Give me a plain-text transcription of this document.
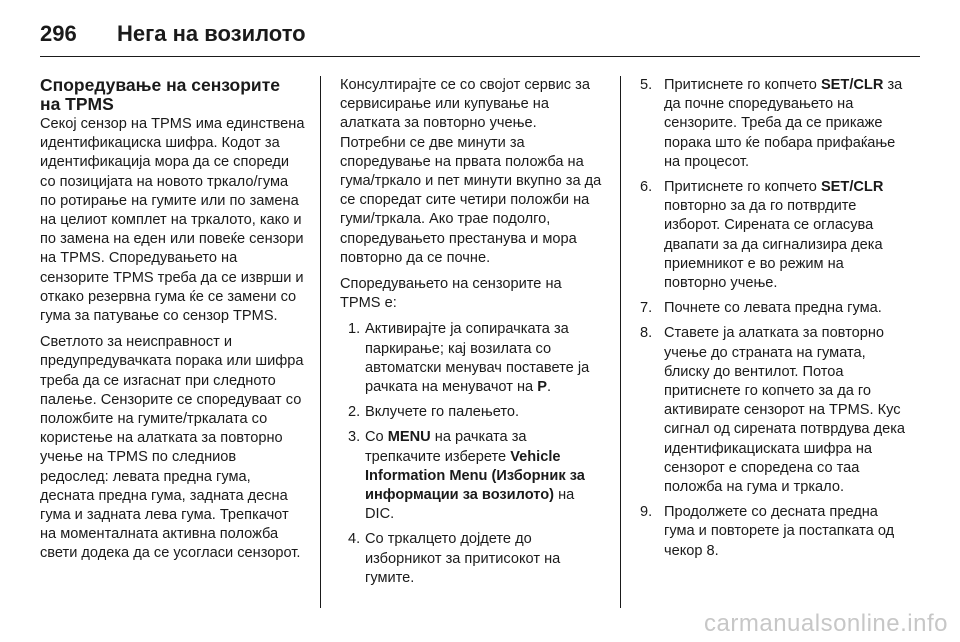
296	Нега на возилото
Споредување на сензорите на TPMS

Секој сензор на TPMS има единствена идентификациска шифра. Кодот за идентификација мора да се спореди со позицијата на новото тркало/гума по ротирање на гумите или по замена на целиот комплет на тркалото, како и по замена на еден или повеќе сензори на TPMS. Споредувањето на сензорите TPMS треба да се изврши и откако резервна гума ќе се замени со гума за патување со сензор TPMS.

Светлото за неисправност и предупредувачката порака или шифра треба да се изгаснат при следното палење. Сензорите се споредуваат со положбите на гумите/тркалата со користење на алатката за повторно учење на TPMS по следниов редослед: левата предна гума, десната предна гума, задната десна гума и задната лева гума. Трепкачот на моменталната активна положба свети додека да се усогласи сензорот.

Консултирајте се со својот сервис за сервисирање или купување на алатката за повторно учење. Потребни се две минути за споредување на првата положба на гума/тркало и пет минути вкупно за да се споредат сите четири положби на гуми/тркала. Ако трае подолго, споредувањето престанува и мора повторно да се почне.

Споредувањето на сензорите на TPMS е:

1. Активирајте ја сопирачката за паркирање; кај возилата со автоматски менувач поставете ја рачката на менувачот на P.
2. Вклучете го палењето.
3. Со MENU на рачката за трепкачите изберете Vehicle Information Menu (Изборник за информации за возилото) на DIC.
4. Со тркалцето дојдете до изборникот за притисокот на гумите.
5. Притиснете го копчето SET/CLR за да почне споредувањето на сензорите. Треба да се прикаже порака што ќе побара прифаќање на процесот.
6. Притиснете го копчето SET/CLR повторно за да го потврдите изборот. Сирената се огласува двапати за да сигнализира дека приемникот е во режим на повторно учење.
7. Почнете со левата предна гума.
8. Ставете ја алатката за повторно учење до страната на гумата, блиску до вентилот. Потоа притиснете го копчето за да го активирате сензорот на TPMS. Кус сигнал од сирената потврдува дека идентификациската шифра на сензорот е споредена со таа положба на гума и тркало.
9. Продолжете со десната предна гума и повторете ја постапката од чекор 8.
carmanualsonline.info
